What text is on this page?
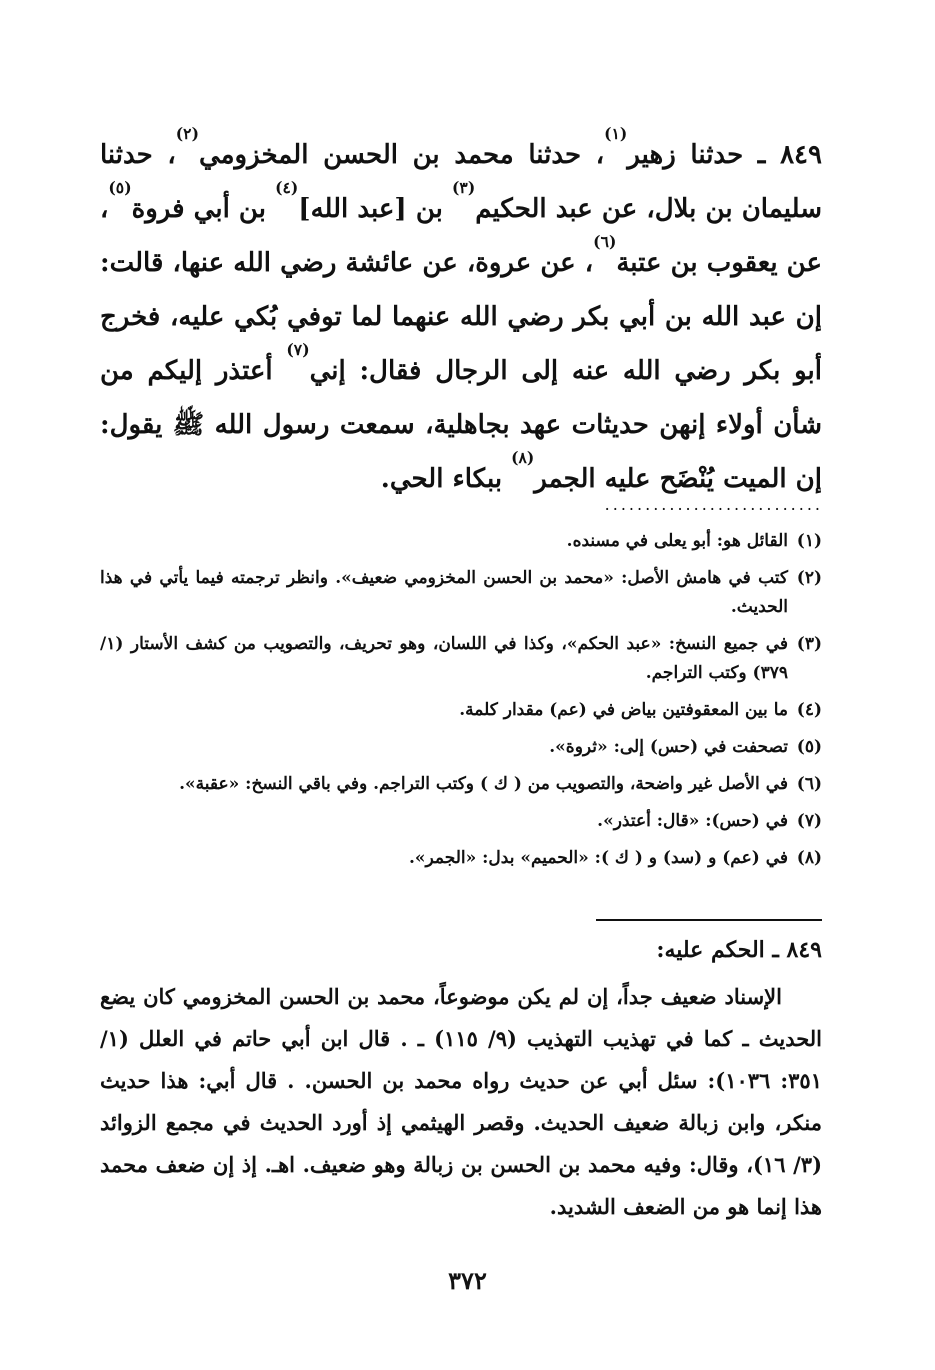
٨٤٩ ـ حدثنا زهير$^{(١)}$، حدثنا محمد بن الحسن المخزومي$^{(٢)}$، حدثنا سليمان بن بلال، عن عبد الحكيم$^{(٣)}$ بن [عبد الله]$^{(٤)}$ بن أبي فروة$^{(٥)}$، عن يعقوب بن عتبة$^{(٦)}$، عن عروة، عن عائشة رضي الله عنها، قالت: إن عبد الله بن أبي بكر رضي الله عنهما لما توفي بُكي عليه، فخرج أبو بكر رضي الله عنه إلى الرجال فقال: إني$^{(٧)}$ أعتذر إليكم من شأن أولاء إنهن حديثات عهد بجاهلية، سمعت رسول الله ﷺ يقول: إن الميت يُنْضَح عليه الجمر$^{(٨)}$ ببكاء الحي.

...........................
(١)
القائل هو: أبو يعلى في مسنده.
(٢)
كتب في هامش الأصل: «محمد بن الحسن المخزومي ضعيف». وانظر ترجمته فيما يأتي في هذا الحديث.
(٣)
في جميع النسخ: «عبد الحكم»، وكذا في اللسان، وهو تحريف، والتصويب من كشف الأستار (١/ ٣٧٩) وكتب التراجم.
(٤)
ما بين المعقوفتين بياض في (عم) مقدار كلمة.
(٥)
تصحفت في (حس) إلى: «ثروة».
(٦)
في الأصل غير واضحة، والتصويب من ( ك ) وكتب التراجم. وفي باقي النسخ: «عقبة».
(٧)
في (حس): «قال: أعتذر».
(٨)
في (عم) و (سد) و ( ك ): «الحميم» بدل: «الجمر».
٨٤٩ ـ الحكم عليه:

الإسناد ضعيف جداً، إن لم يكن موضوعاً، محمد بن الحسن المخزومي كان يضع الحديث ـ كما في تهذيب التهذيب (٩/ ١١٥) ـ . قال ابن أبي حاتم في العلل (١/ ٣٥١: ١٠٣٦): سئل أبي عن حديث رواه محمد بن الحسن. . قال أبي: هذا حديث منكر، وابن زبالة ضعيف الحديث. وقصر الهيثمي إذ أورد الحديث في مجمع الزوائد (٣/ ١٦)، وقال: وفيه محمد بن الحسن بن زبالة وهو ضعيف. اهـ. إذ إن ضعف محمد هذا إنما هو من الضعف الشديد.

٣٧٢
